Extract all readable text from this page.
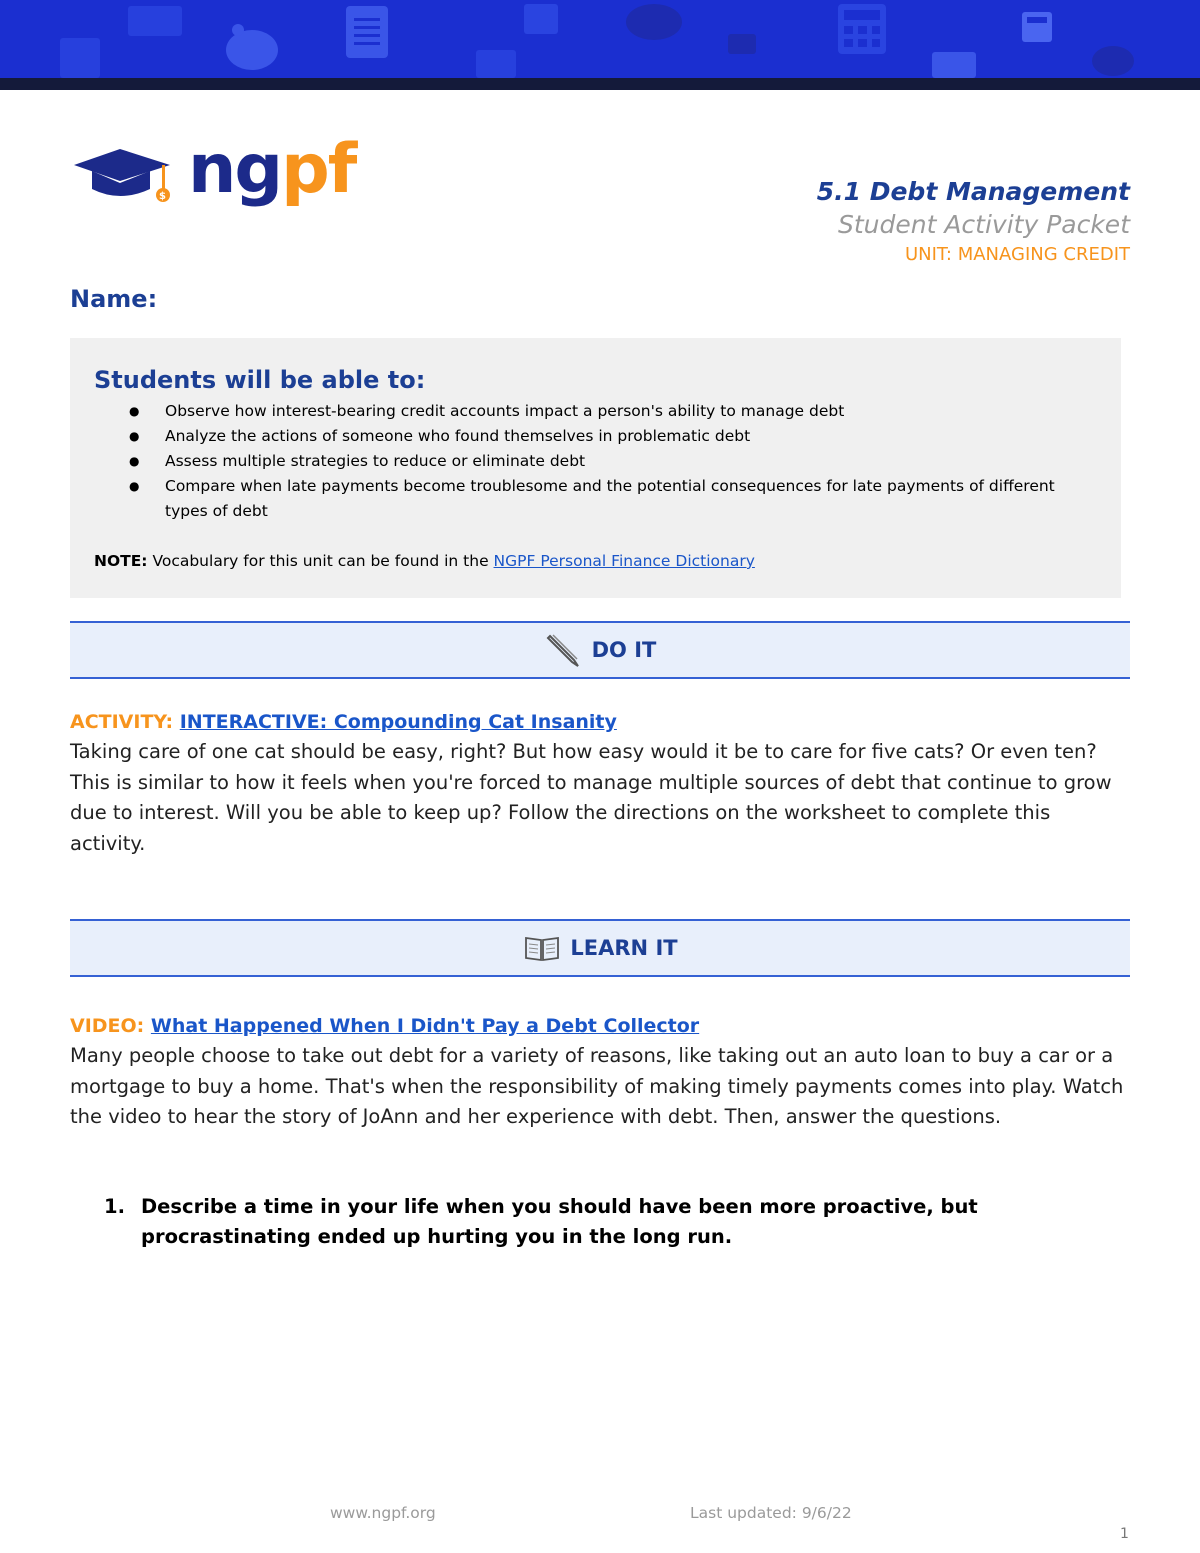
$ ngpf	5.1 Debt Management
Student Activity Packet
UNIT: MANAGING CREDIT
Name:
Students will be able to:
● Observe how interest-bearing credit accounts impact a person's ability to manage debt
● Analyze the actions of someone who found themselves in problematic debt
● Assess multiple strategies to reduce or eliminate debt
● Compare when late payments become troublesome and the potential consequences for late payments of different types of debt
NOTE: Vocabulary for this unit can be found in the NGPF Personal Finance Dictionary
DO IT
ACTIVITY: INTERACTIVE: Compounding Cat Insanity
Taking care of one cat should be easy, right? But how easy would it be to care for five cats? Or even ten? This is similar to how it feels when you're forced to manage multiple sources of debt that continue to grow due to interest. Will you be able to keep up? Follow the directions on the worksheet to complete this activity.
LEARN IT
VIDEO: What Happened When I Didn't Pay a Debt Collector
Many people choose to take out debt for a variety of reasons, like taking out an auto loan to buy a car or a mortgage to buy a home. That's when the responsibility of making timely payments comes into play. Watch the video to hear the story of JoAnn and her experience with debt. Then, answer the questions.
1. Describe a time in your life when you should have been more proactive, but procrastinating ended up hurting you in the long run.
www.ngpf.org	Last updated: 9/6/22
1
